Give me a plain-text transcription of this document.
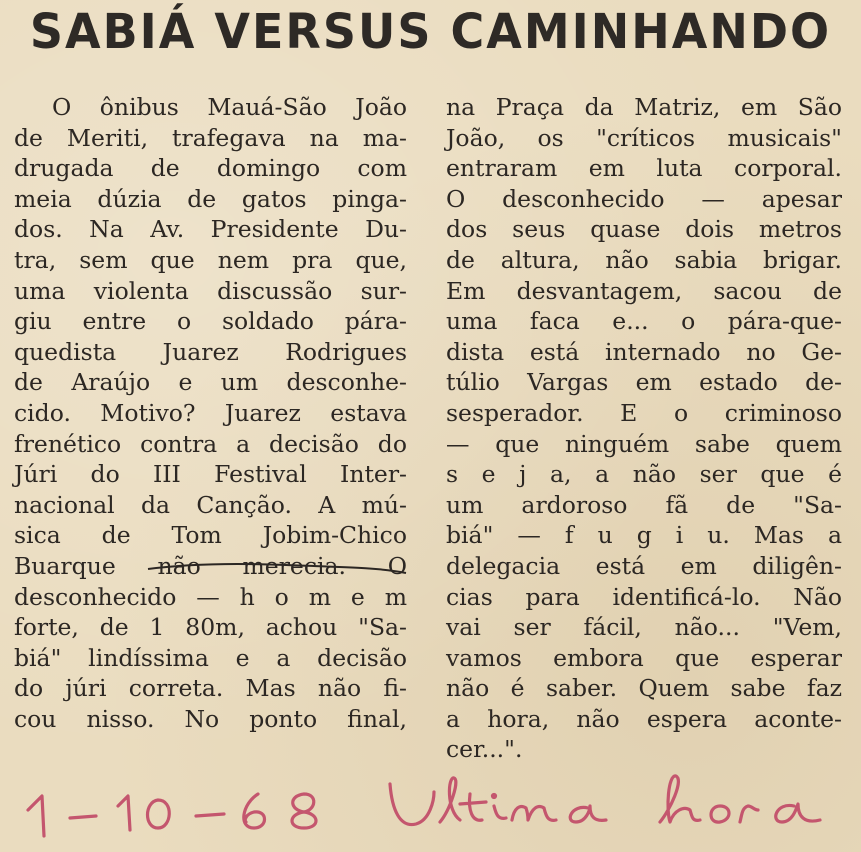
SABIÁ VERSUS CAMINHANDO
O ônibus Mauá-São João
de Meriti, trafegava na ma-
drugada de domingo com
meia dúzia de gatos pinga-
dos. Na Av. Presidente Du-
tra, sem que nem pra que,
uma violenta discussão sur-
giu entre o soldado pára-
quedista Juarez Rodrigues
de Araújo e um desconhe-
cido. Motivo? Juarez estava
frenético contra a decisão do
Júri do III Festival Inter-
nacional da Canção. A mú-
sica de Tom Jobim-Chico
Buarque não merecia. O
desconhecido — h o m e m
forte, de 1 80m, achou "Sa-
biá" lindíssima e a decisão
do júri correta. Mas não fi-
cou nisso. No ponto final,
na Praça da Matriz, em São
João, os "críticos musicais"
entraram em luta corporal.
O desconhecido — apesar
dos seus quase dois metros
de altura, não sabia brigar.
Em desvantagem, sacou de
uma faca e... o pára-que-
dista está internado no Ge-
túlio Vargas em estado de-
sesperador. E o criminoso
— que ninguém sabe quem
s e j a, a não ser que é
um ardoroso fã de "Sa-
biá" — f u g i u. Mas a
delegacia está em diligên-
cias para identificá-lo. Não
vai ser fácil, não... "Vem,
vamos embora que esperar
não é saber. Quem sabe faz
a hora, não espera aconte-
cer...".
